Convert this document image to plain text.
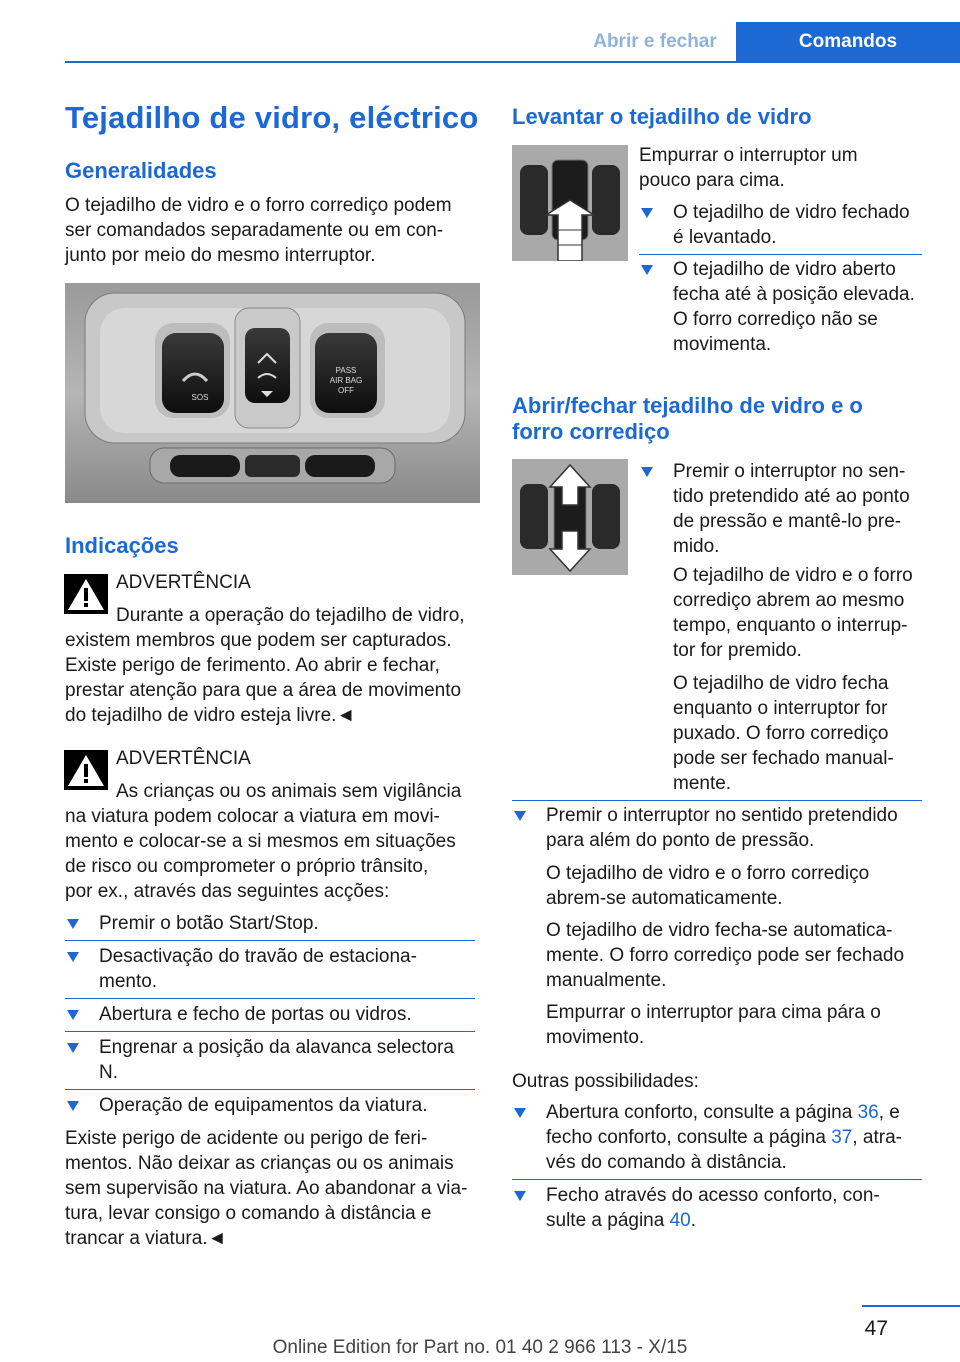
Abrir e fechar	Comandos
Tejadilho de vidro, eléctrico
Generalidades
O tejadilho de vidro e o forro corrediço podem
ser comandados separadamente ou em con-
junto por meio do mesmo interruptor.
SOS
PASS
AIR BAG
OFF
Indicações
ADVERTÊNCIA
Durante a operação do tejadilho de vidro,
existem membros que podem ser capturados.
Existe perigo de ferimento. Ao abrir e fechar,
prestar atenção para que a área de movimento
do tejadilho de vidro esteja livre.◄
ADVERTÊNCIA
As crianças ou os animais sem vigilância
na viatura podem colocar a viatura em movi-
mento e colocar-se a si mesmos em situações
de risco ou comprometer o próprio trânsito,
por ex., através das seguintes acções:
Premir o botão Start/Stop.
Desactivação do travão de estaciona-
mento.
Abertura e fecho de portas ou vidros.
Engrenar a posição da alavanca selectora
N.
Operação de equipamentos da viatura.
Existe perigo de acidente ou perigo de feri-
mentos. Não deixar as crianças ou os animais
sem supervisão na viatura. Ao abandonar a via-
tura, levar consigo o comando à distância e
trancar a viatura.◄
Levantar o tejadilho de vidro
Empurrar o interruptor um
pouco para cima.
O tejadilho de vidro fechado
é levantado.
O tejadilho de vidro aberto
fecha até à posição elevada.
O forro corrediço não se
movimenta.
Abrir/fechar tejadilho de vidro e o
forro corrediço
Premir o interruptor no sen-
tido pretendido até ao ponto
de pressão e mantê-lo pre-
mido.
O tejadilho de vidro e o forro
corrediço abrem ao mesmo
tempo, enquanto o interrup-
tor for premido.
O tejadilho de vidro fecha
enquanto o interruptor for
puxado. O forro corrediço
pode ser fechado manual-
mente.
Premir o interruptor no sentido pretendido
para além do ponto de pressão.
O tejadilho de vidro e o forro corrediço
abrem-se automaticamente.
O tejadilho de vidro fecha-se automatica-
mente. O forro corrediço pode ser fechado
manualmente.
Empurrar o interruptor para cima pára o
movimento.
Outras possibilidades:
Abertura conforto, consulte a página 36, e
fecho conforto, consulte a página 37, atra-
vés do comando à distância.
Fecho através do acesso conforto, con-
sulte a página 40.
47
Online Edition for Part no. 01 40 2 966 113 - X/15
